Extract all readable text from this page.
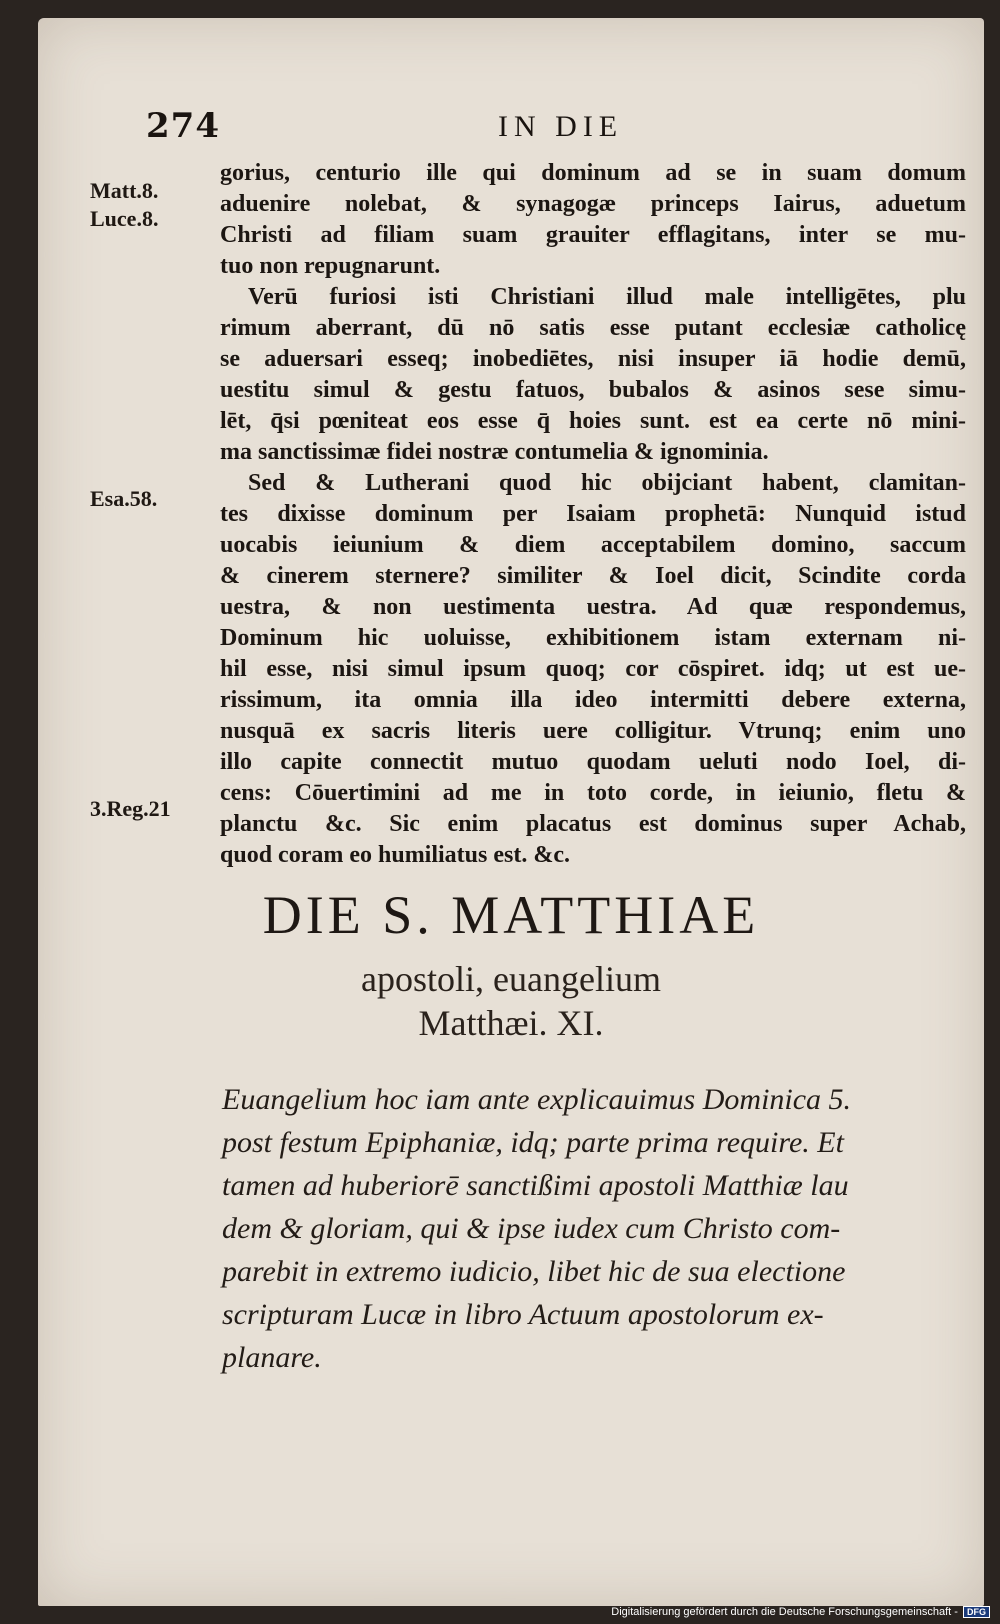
274	IN DIE
Matt.8.
Luce.8.
Esa.58.
3.Reg.21
gorius, centurio ille qui dominum ad se in suam domum
aduenire nolebat, & synagogæ princeps Iairus, aduetum
Christi ad filiam suam grauiter efflagitans, inter se mu-
tuo non repugnarunt.
Verū furiosi isti Christiani illud male intelligētes, plu
rimum aberrant, dū nō satis esse putant ecclesiæ catholicę
se aduersari esseq; inobediētes, nisi insuper iā hodie demū,
uestitu simul & gestu fatuos, bubalos & asinos sese simu-
lēt, q̄si pœniteat eos esse q̄ hoies sunt. est ea certe nō mini-
ma sanctissimæ fidei nostræ contumelia & ignominia.
Sed & Lutherani quod hic obijciant habent, clamitan-
tes dixisse dominum per Isaiam prophetā: Nunquid istud
uocabis ieiunium & diem acceptabilem domino, saccum
& cinerem sternere? similiter & Ioel dicit, Scindite corda
uestra, & non uestimenta uestra. Ad quæ respondemus,
Dominum hic uoluisse, exhibitionem istam externam ni-
hil esse, nisi simul ipsum quoq; cor cōspiret. idq; ut est ue-
rissimum, ita omnia illa ideo intermitti debere externa,
nusquā ex sacris literis uere colligitur. Vtrunq; enim uno
illo capite connectit mutuo quodam ueluti nodo Ioel, di-
cens: Cōuertimini ad me in toto corde, in ieiunio, fletu &
planctu &c. Sic enim placatus est dominus super Achab,
quod coram eo humiliatus est. &c.
DIE S. MATTHIAE
apostoli, euangelium
Matthæi. XI.
Euangelium hoc iam ante explicauimus Dominica 5.
post festum Epiphaniæ, idq; parte prima require. Et
tamen ad huberiorē sanctißimi apostoli Matthiæ lau
dem & gloriam, qui & ipse iudex cum Christo com-
parebit in extremo iudicio, libet hic de sua electione
scripturam Lucæ in libro Actuum apostolorum ex-
planare.
Digitalisierung gefördert durch die Deutsche Forschungsgemeinschaft - DFG
